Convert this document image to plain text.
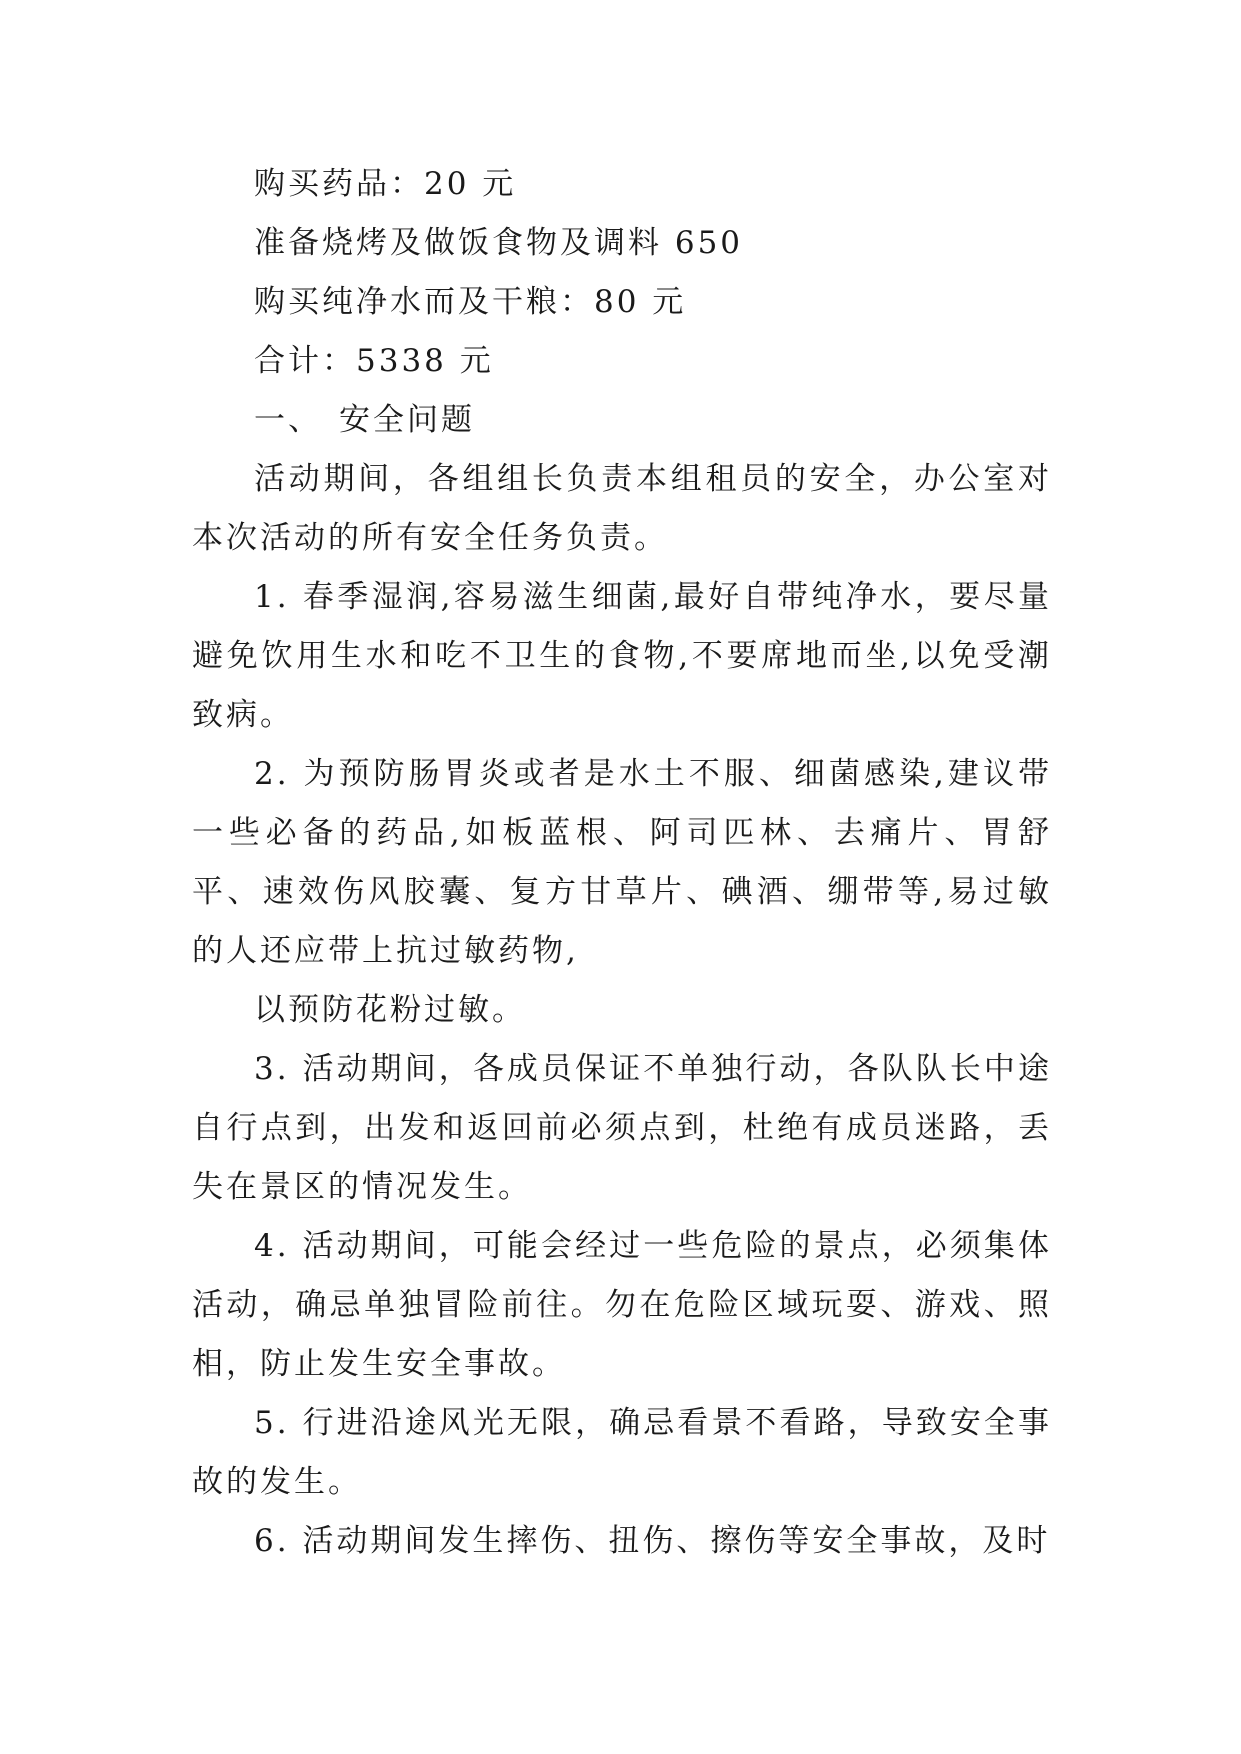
购买药品：20 元
准备烧烤及做饭食物及调料 650
购买纯净水而及干粮：80 元
合计：5338 元
一、 安全问题

活动期间，各组组长负责本组租员的安全，办公室对本次活动的所有安全任务负责。

1. 春季湿润,容易滋生细菌,最好自带纯净水，要尽量避免饮用生水和吃不卫生的食物,不要席地而坐,以免受潮致病。

2. 为预防肠胃炎或者是水土不服、细菌感染,建议带一些必备的药品,如板蓝根、阿司匹林、去痛片、胃舒平、速效伤风胶囊、复方甘草片、碘酒、绷带等,易过敏的人还应带上抗过敏药物,

以预防花粉过敏。

3. 活动期间，各成员保证不单独行动，各队队长中途自行点到，出发和返回前必须点到，杜绝有成员迷路，丢失在景区的情况发生。

4. 活动期间，可能会经过一些危险的景点，必须集体活动，确忌单独冒险前往。勿在危险区域玩耍、游戏、照相，防止发生安全事故。

5. 行进沿途风光无限，确忌看景不看路，导致安全事故的发生。

6. 活动期间发生摔伤、扭伤、擦伤等安全事故，及时
